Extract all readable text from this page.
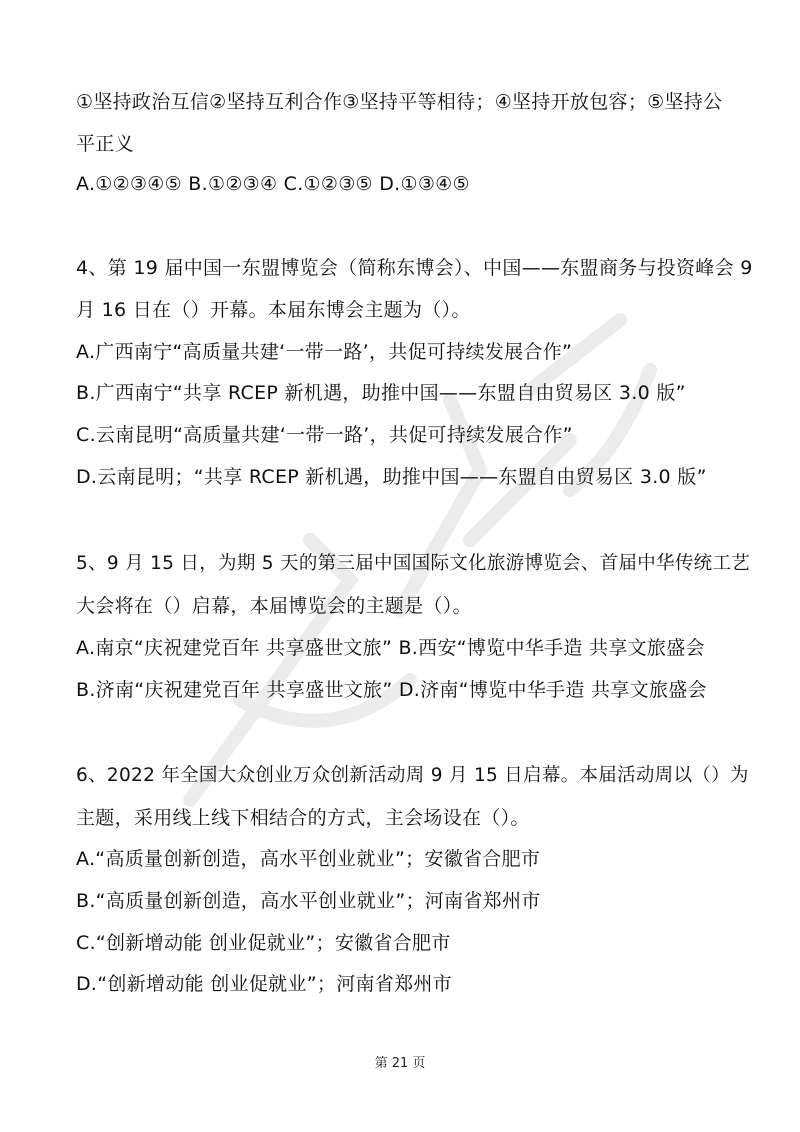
①坚持政治互信②坚持互利合作③坚持平等相待；④坚持开放包容；⑤坚持公
平正义
A.①②③④⑤ B.①②③④ C.①②③⑤ D.①③④⑤
4、第 19 届中国一东盟博览会（简称东博会）、中国——东盟商务与投资峰会 9
月 16 日在（）开幕。本届东博会主题为（）。
A.广西南宁“高质量共建‘一带一路’，共促可持续发展合作”
B.广西南宁“共享 RCEP 新机遇，助推中国——东盟自由贸易区 3.0 版”
C.云南昆明“高质量共建‘一带一路’，共促可持续发展合作”
D.云南昆明；“共享 RCEP 新机遇，助推中国——东盟自由贸易区 3.0 版”
5、9 月 15 日，为期 5 天的第三届中国国际文化旅游博览会、首届中华传统工艺
大会将在（）启幕，本届博览会的主题是（）。
A.南京“庆祝建党百年 共享盛世文旅” B.西安“博览中华手造 共享文旅盛会
B.济南“庆祝建党百年 共享盛世文旅” D.济南“博览中华手造 共享文旅盛会
6、2022 年全国大众创业万众创新活动周 9 月 15 日启幕。本届活动周以（）为
主题，采用线上线下相结合的方式，主会场设在（）。
A.“高质量创新创造，高水平创业就业”；安徽省合肥市
B.“高质量创新创造，高水平创业就业”；河南省郑州市
C.“创新增动能 创业促就业”；安徽省合肥市
D.“创新增动能 创业促就业”；河南省郑州市
第 21 页
